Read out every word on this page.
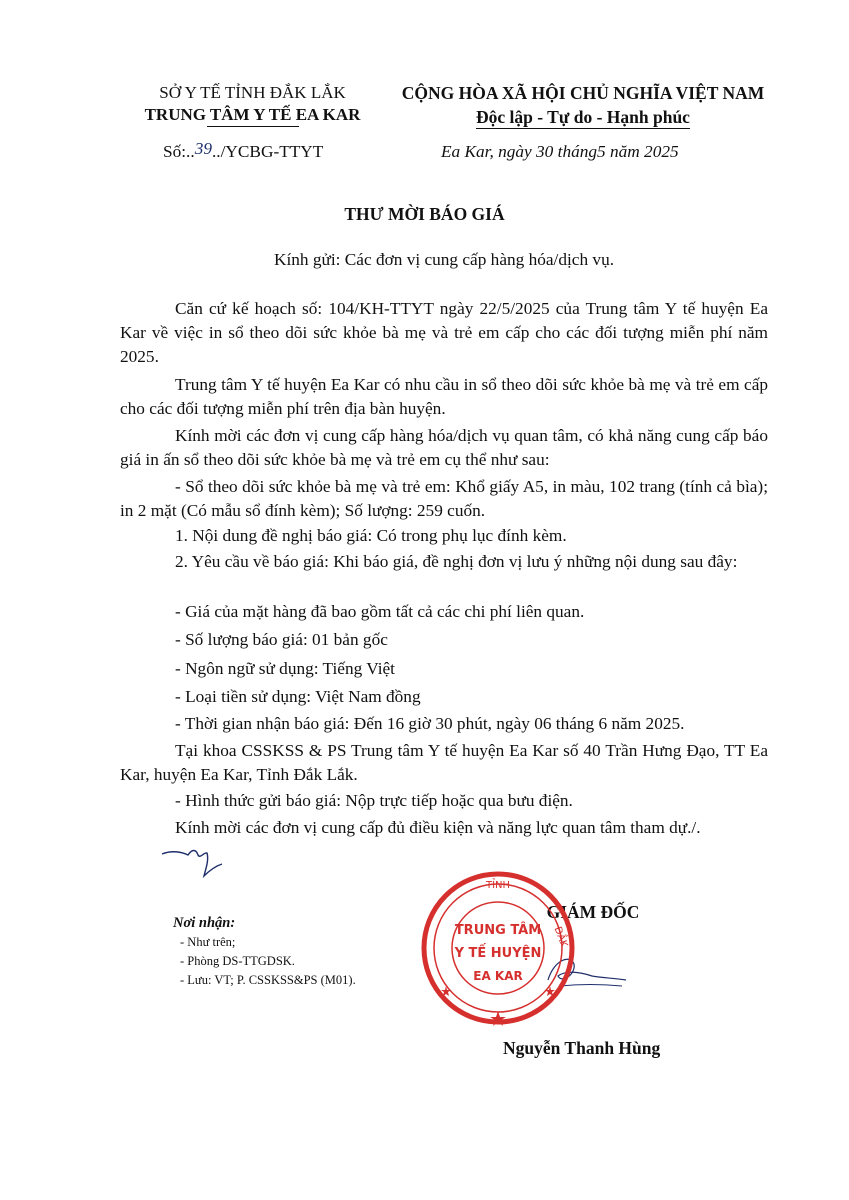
SỞ Y TẾ TỈNH ĐẮK LẮK
TRUNG TÂM Y TẾ EA KAR
CỘNG HÒA XÃ HỘI CHỦ NGHĨA VIỆT NAM
Độc lập - Tự do - Hạnh phúc
Số:..39../YCBG-TTYT	Ea Kar, ngày 30 tháng5 năm 2025
THƯ MỜI BÁO GIÁ
Kính gửi: Các đơn vị cung cấp hàng hóa/dịch vụ.
Căn cứ kế hoạch số: 104/KH-TTYT ngày 22/5/2025 của Trung tâm Y tế huyện Ea Kar về việc in sổ theo dõi sức khỏe bà mẹ và trẻ em cấp cho các đối tượng miễn phí năm 2025.
Trung tâm Y tế huyện Ea Kar có nhu cầu in sổ theo dõi sức khỏe bà mẹ và trẻ em cấp cho các đối tượng miễn phí trên địa bàn huyện.
Kính mời các đơn vị cung cấp hàng hóa/dịch vụ quan tâm, có khả năng cung cấp báo giá in ấn sổ theo dõi sức khỏe bà mẹ và trẻ em cụ thể như sau:
- Sổ theo dõi sức khỏe bà mẹ và trẻ em: Khổ giấy A5, in màu, 102 trang (tính cả bìa); in 2 mặt (Có mẫu sổ đính kèm); Số lượng: 259 cuốn.
1. Nội dung đề nghị báo giá: Có trong phụ lục đính kèm.
2. Yêu cầu về báo giá: Khi báo giá, đề nghị đơn vị lưu ý những nội dung sau đây:
- Giá của mặt hàng đã bao gồm tất cả các chi phí liên quan.
- Số lượng báo giá: 01 bản gốc
- Ngôn ngữ sử dụng: Tiếng Việt
- Loại tiền sử dụng: Việt Nam đồng
- Thời gian nhận báo giá: Đến 16 giờ 30 phút, ngày 06 tháng 6 năm 2025.
Tại khoa CSSKSS & PS Trung tâm Y tế huyện Ea Kar số 40 Trần Hưng Đạo, TT Ea Kar, huyện Ea Kar, Tỉnh Đắk Lắk.
- Hình thức gửi báo giá: Nộp trực tiếp hoặc qua bưu điện.
Kính mời các đơn vị cung cấp đủ điều kiện và năng lực quan tâm tham dự./.
Nơi nhận:
- Như trên;
- Phòng DS-TTGDSK.
- Lưu: VT; P. CSSKSS&PS (M01).
GIÁM ĐỐC
TỈNH
ĐẮK
TRUNG TÂM
Y TẾ HUYỆN
EA KAR
Nguyễn Thanh Hùng
